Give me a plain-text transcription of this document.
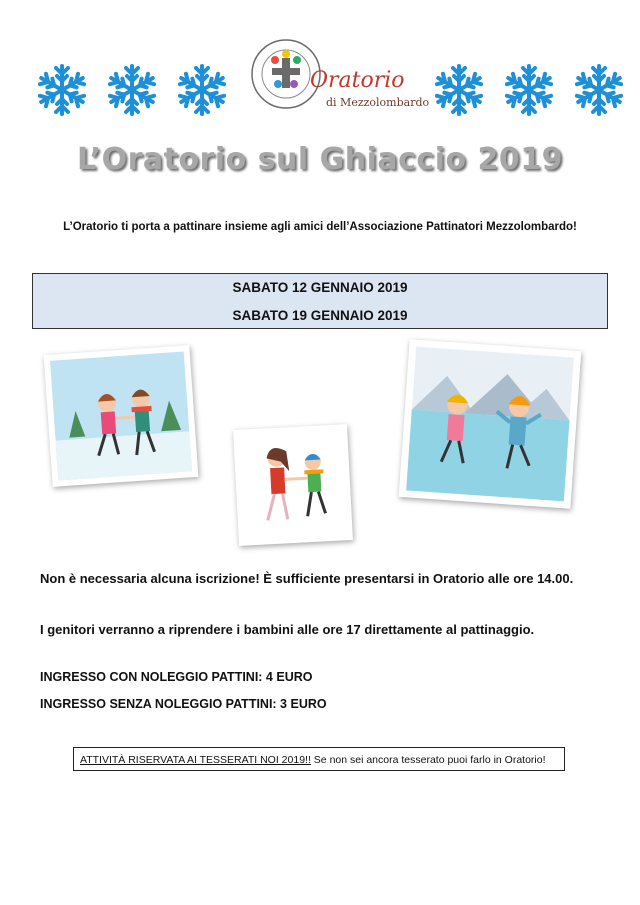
Oratorio
di Mezzolombardo
L’Oratorio sul Ghiaccio 2019
L’Oratorio ti porta a pattinare insieme agli amici dell’Associazione Pattinatori Mezzolombardo!
SABATO 12 GENNAIO 2019
SABATO 19 GENNAIO 2019
Non è necessaria alcuna iscrizione! È sufficiente presentarsi in Oratorio alle ore 14.00.
I genitori verranno a riprendere i bambini alle ore 17 direttamente al pattinaggio.
INGRESSO CON NOLEGGIO PATTINI: 4 EURO
INGRESSO SENZA NOLEGGIO PATTINI: 3 EURO
ATTIVITÀ RISERVATA AI TESSERATI NOI 2019!! Se non sei ancora tesserato puoi farlo in Oratorio!
